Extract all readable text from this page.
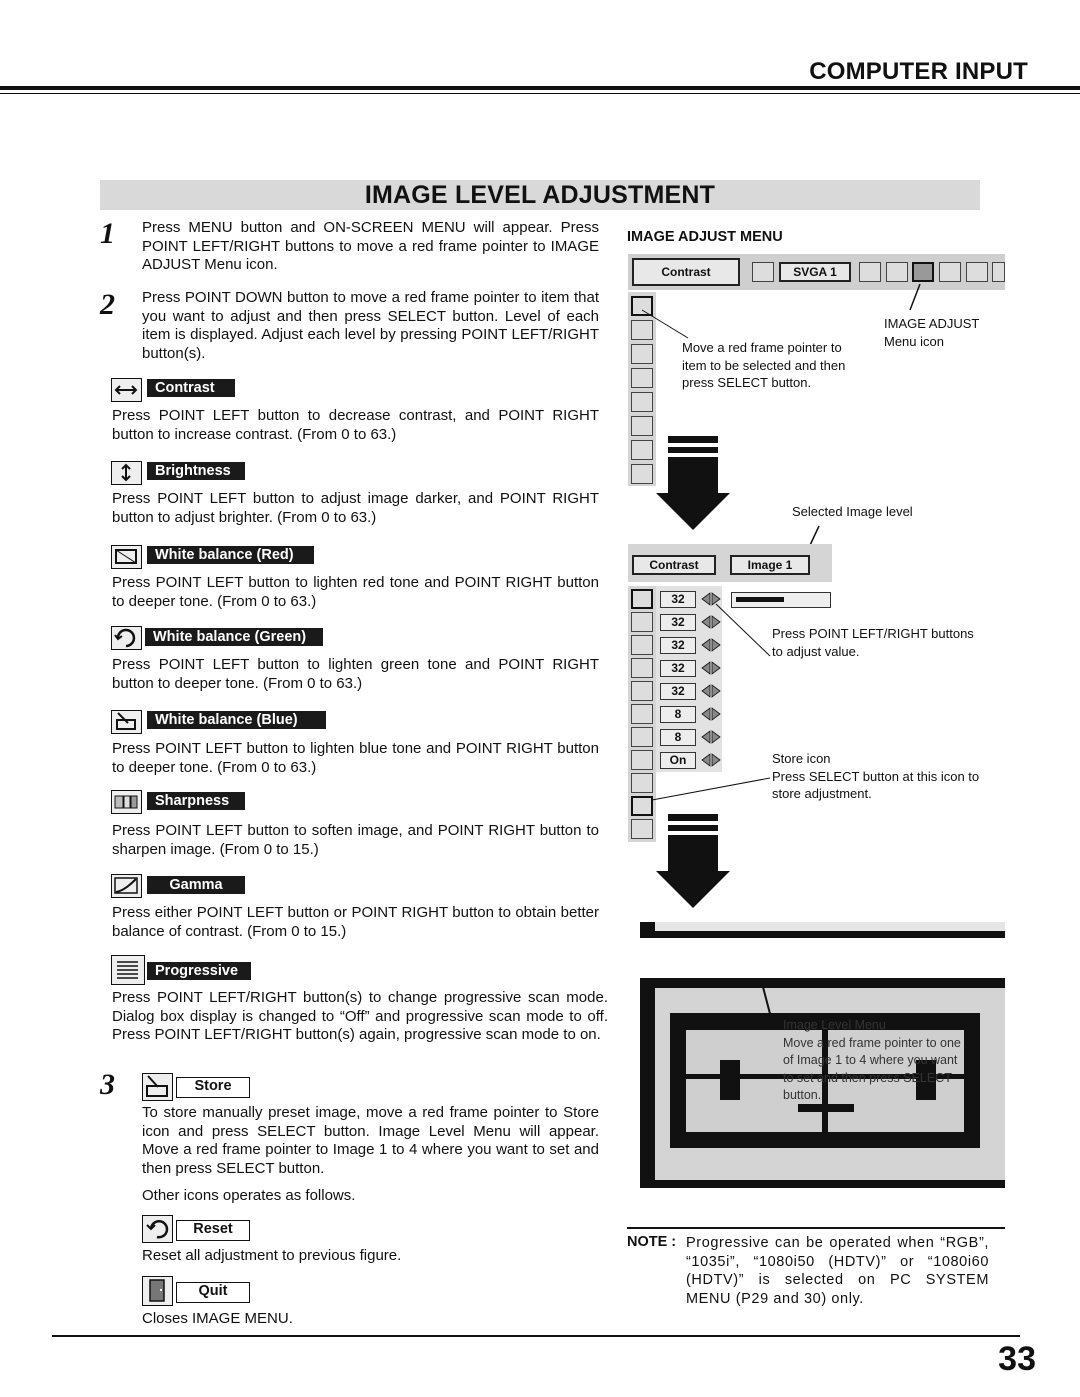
COMPUTER INPUT
IMAGE LEVEL ADJUSTMENT
1 Press MENU button and ON-SCREEN MENU will appear. Press POINT LEFT/RIGHT buttons to move a red frame pointer to IMAGE ADJUST Menu icon.
2 Press POINT DOWN button to move a red frame pointer to item that you want to adjust and then press SELECT button. Level of each item is displayed. Adjust each level by pressing POINT LEFT/RIGHT button(s).
Contrast
Press POINT LEFT button to decrease contrast, and POINT RIGHT button to increase contrast. (From 0 to 63.)
Brightness
Press POINT LEFT button to adjust image darker, and POINT RIGHT button to adjust brighter. (From 0 to 63.)
White balance (Red)
Press POINT LEFT button to lighten red tone and POINT RIGHT button to deeper tone. (From 0 to 63.)
White balance (Green)
Press POINT LEFT button to lighten green tone and POINT RIGHT button to deeper tone. (From 0 to 63.)
White balance (Blue)
Press POINT LEFT button to lighten blue tone and POINT RIGHT button to deeper tone. (From 0 to 63.)
Sharpness
Press POINT LEFT button to soften image, and POINT RIGHT button to sharpen image. (From 0 to 15.)
Gamma
Press either POINT LEFT button or POINT RIGHT button to obtain better balance of contrast. (From 0 to 15.)
Progressive
Press POINT LEFT/RIGHT button(s) to change progressive scan mode. Dialog box display is changed to “Off” and progressive scan mode to off. Press POINT LEFT/RIGHT button(s) again, progressive scan mode to on.
3	Store
To store manually preset image, move a red frame pointer to Store icon and press SELECT button. Image Level Menu will appear. Move a red frame pointer to Image 1 to 4 where you want to set and then press SELECT button.
Other icons operates as follows.
Reset
Reset all adjustment to previous figure.
Quit
Closes IMAGE MENU.
IMAGE ADJUST MENU
Contrast	SVGA 1
IMAGE ADJUST
Menu icon
Move a red frame pointer to
item to be selected and then
press SELECT button.
Selected Image level
Contrast	Image 1
32
32
32
32
32
8
8
On
Press POINT LEFT/RIGHT buttons
to adjust value.
Store icon
Press SELECT button at this icon to
store adjustment.
Image Level Menu
Move a red frame pointer to one
of Image 1 to 4 where you want
to set and then press SELECT
button.
NOTE : Progressive can be operated when “RGB”, “1035i”, “1080i50 (HDTV)” or “1080i60 (HDTV)” is selected on PC SYSTEM MENU (P29 and 30) only.
33
